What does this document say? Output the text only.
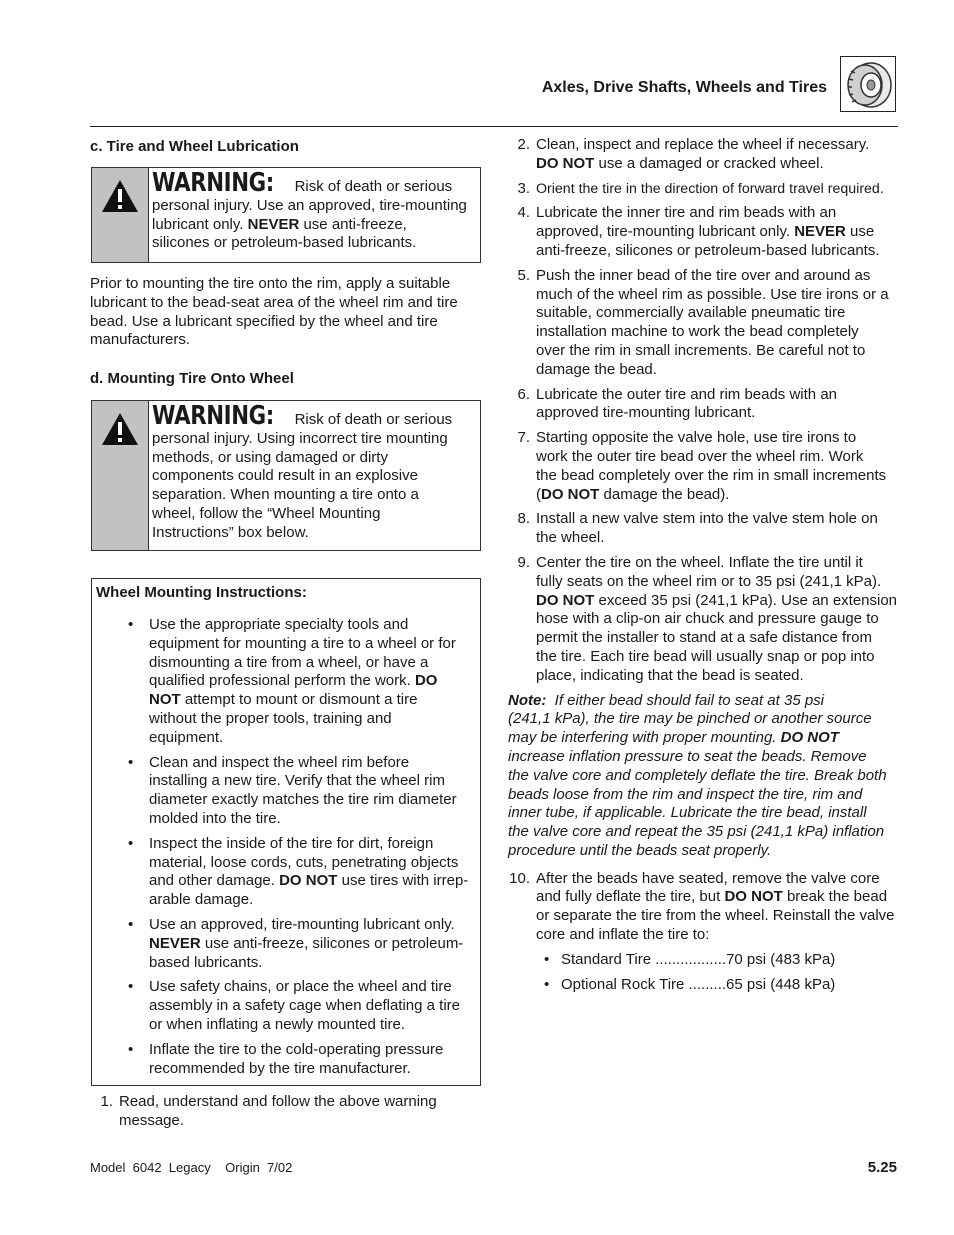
Axles, Drive Shafts, Wheels and Tires
c. Tire and Wheel Lubrication
WARNING: Risk of death or serious
personal injury. Use an approved, tire-mounting
lubricant only. NEVER use anti-freeze,
silicones or petroleum-based lubricants.
Prior to mounting the tire onto the rim, apply a suitable
lubricant to the bead-seat area of the wheel rim and tire
bead. Use a lubricant specified by the wheel and tire
manufacturers.
d. Mounting Tire Onto Wheel
WARNING: Risk of death or serious
personal injury. Using incorrect tire mounting
methods, or using damaged or dirty
components could result in an explosive
separation. When mounting a tire onto a
wheel, follow the “Wheel Mounting
Instructions” box below.
Wheel Mounting Instructions:
• Use the appropriate specialty tools and
equipment for mounting a tire to a wheel or for
dismounting a tire from a wheel, or have a
qualified professional perform the work. DO
NOT attempt to mount or dismount a tire
without the proper tools, training and
equipment.
• Clean and inspect the wheel rim before
installing a new tire. Verify that the wheel rim
diameter exactly matches the tire rim diameter
molded into the tire.
• Inspect the inside of the tire for dirt, foreign
material, loose cords, cuts, penetrating objects
and other damage. DO NOT use tires with irrep-
arable damage.
• Use an approved, tire-mounting lubricant only.
NEVER use anti-freeze, silicones or petroleum-
based lubricants.
• Use safety chains, or place the wheel and tire
assembly in a safety cage when deflating a tire
or when inflating a newly mounted tire.
• Inflate the tire to the cold-operating pressure
recommended by the tire manufacturer.
1. Read, understand and follow the above warning
message.
2. Clean, inspect and replace the wheel if necessary.
DO NOT use a damaged or cracked wheel.
3. Orient the tire in the direction of forward travel required.
4. Lubricate the inner tire and rim beads with an
approved, tire-mounting lubricant only. NEVER use
anti-freeze, silicones or petroleum-based lubricants.
5. Push the inner bead of the tire over and around as
much of the wheel rim as possible. Use tire irons or a
suitable, commercially available pneumatic tire
installation machine to work the bead completely
over the rim in small increments. Be careful not to
damage the bead.
6. Lubricate the outer tire and rim beads with an
approved tire-mounting lubricant.
7. Starting opposite the valve hole, use tire irons to
work the outer tire bead over the wheel rim. Work
the bead completely over the rim in small increments
(DO NOT damage the bead).
8. Install a new valve stem into the valve stem hole on
the wheel.
9. Center the tire on the wheel. Inflate the tire until it
fully seats on the wheel rim or to 35 psi (241,1 kPa).
DO NOT exceed 35 psi (241,1 kPa). Use an extension
hose with a clip-on air chuck and pressure gauge to
permit the installer to stand at a safe distance from
the tire. Each tire bead will usually snap or pop into
place, indicating that the bead is seated.
Note: If either bead should fail to seat at 35 psi
(241,1 kPa), the tire may be pinched or another source
may be interfering with proper mounting. DO NOT
increase inflation pressure to seat the beads. Remove
the valve core and completely deflate the tire. Break both
beads loose from the rim and inspect the tire, rim and
inner tube, if applicable. Lubricate the tire bead, install
the valve core and repeat the 35 psi (241,1 kPa) inflation
procedure until the beads seat properly.
10. After the beads have seated, remove the valve core
and fully deflate the tire, but DO NOT break the bead
or separate the tire from the wheel. Reinstall the valve
core and inflate the tire to:
• Standard Tire .................70 psi (483 kPa)
• Optional Rock Tire .........65 psi (448 kPa)
Model  6042  Legacy    Origin  7/02	5.25
